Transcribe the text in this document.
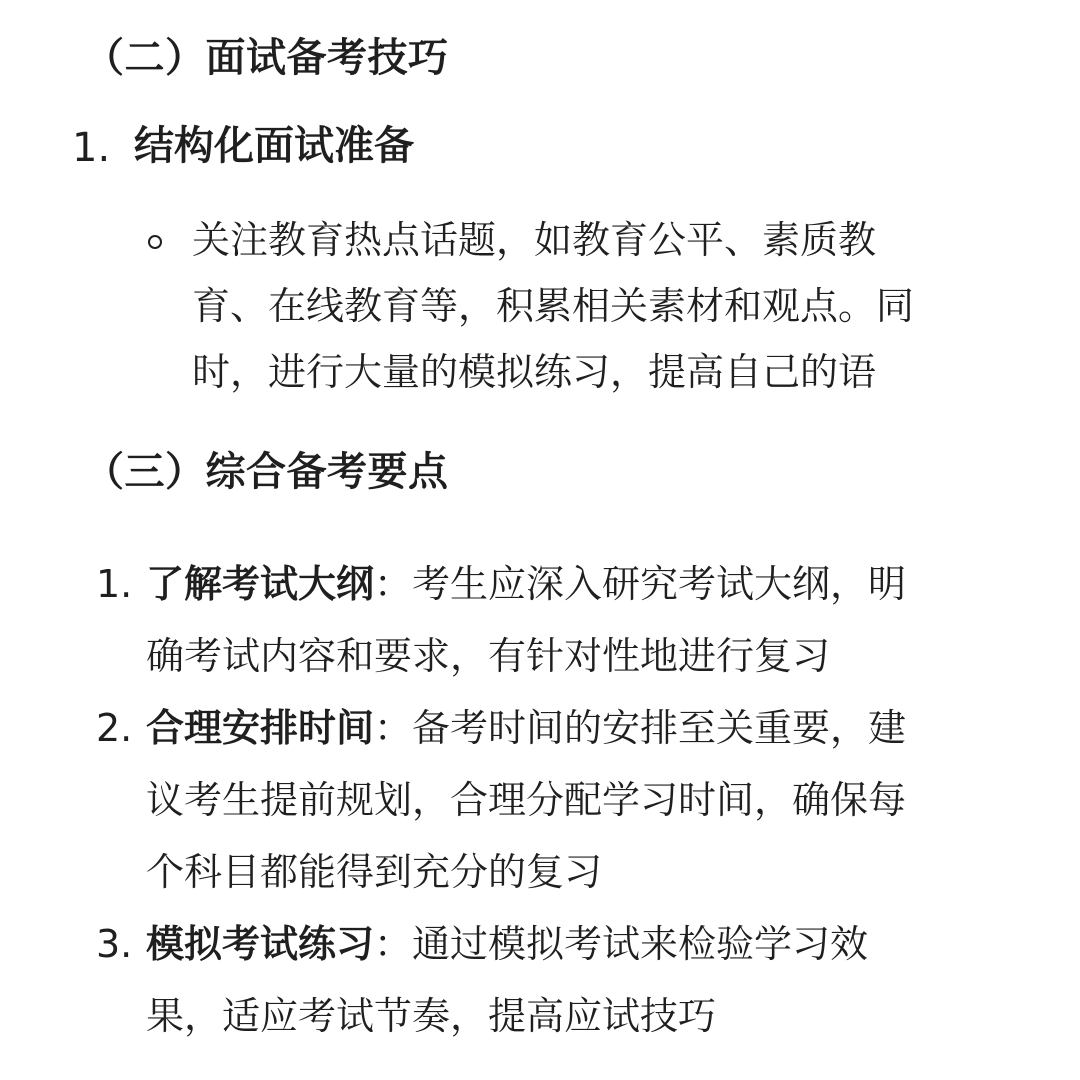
（二）面试备考技巧
1. 结构化面试准备
关注教育热点话题，如教育公平、素质教
育、在线教育等，积累相关素材和观点。同
时，进行大量的模拟练习，提高自己的语
（三）综合备考要点
1. 了解考试大纲：考生应深入研究考试大纲，明
确考试内容和要求，有针对性地进行复习
2. 合理安排时间：备考时间的安排至关重要，建
议考生提前规划，合理分配学习时间，确保每
个科目都能得到充分的复习
3. 模拟考试练习：通过模拟考试来检验学习效
果，适应考试节奏，提高应试技巧
